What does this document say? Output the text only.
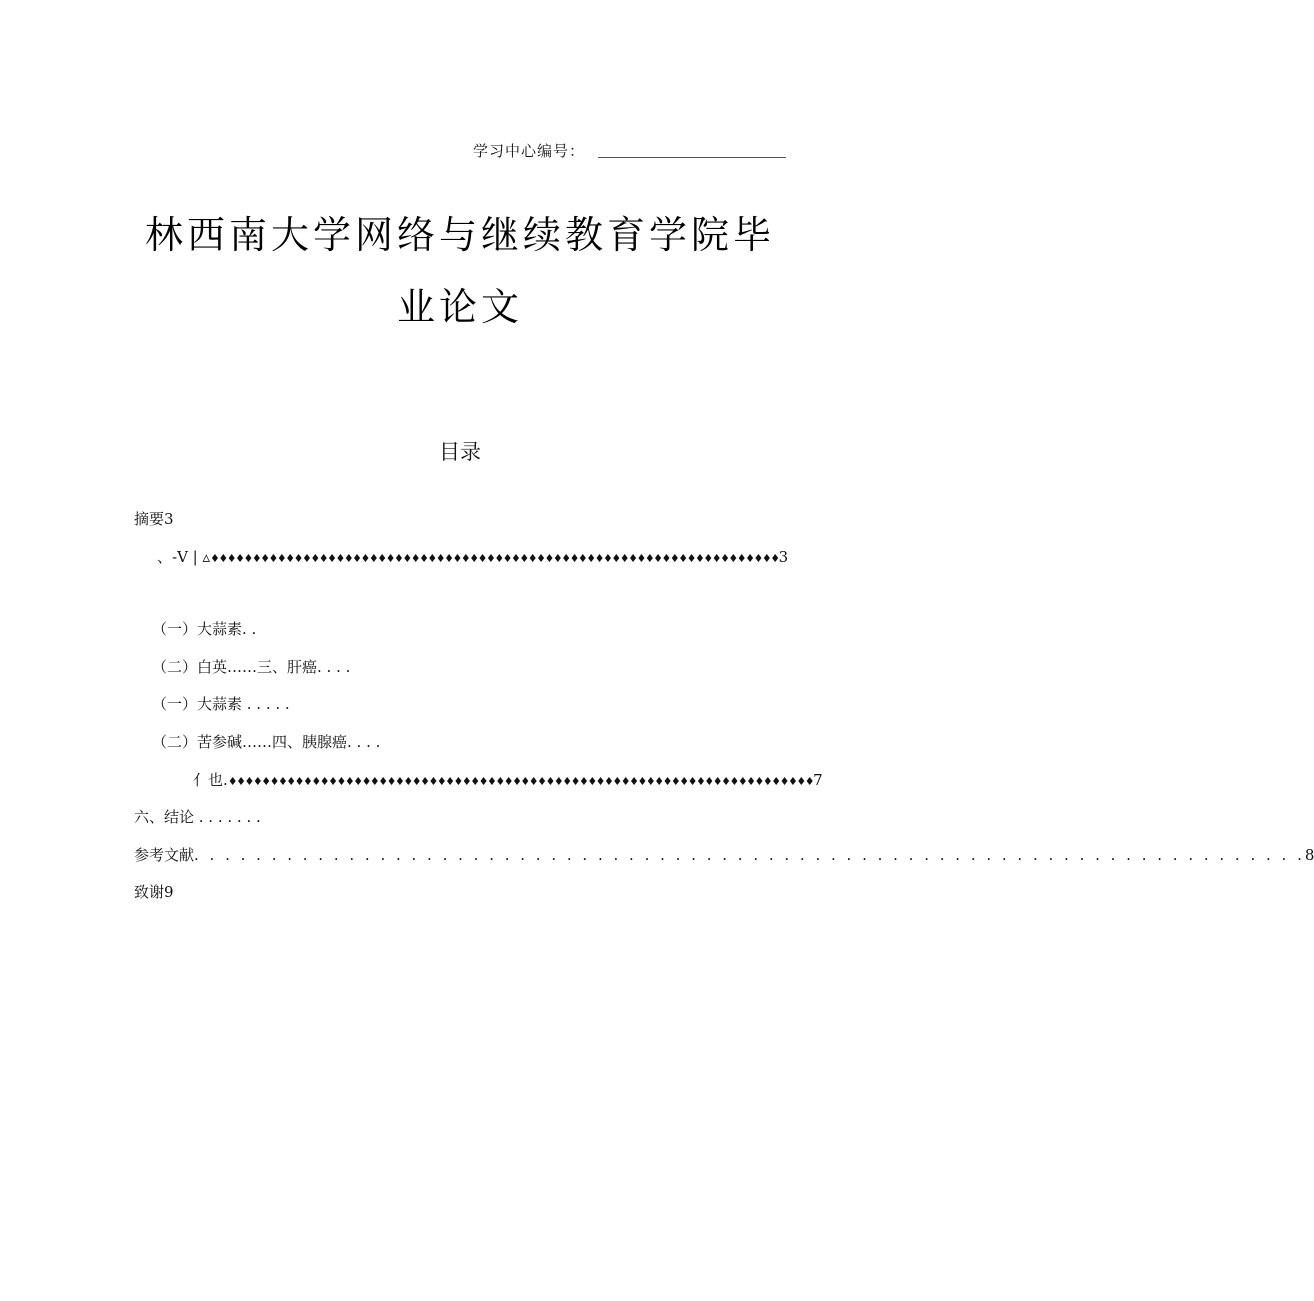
学习中心编号：
林西南大学网络与继续教育学院毕
业论文
目录
摘要3
、-V | ▵♦♦♦♦♦♦♦♦♦♦♦♦♦♦♦♦♦♦♦♦♦♦♦♦♦♦♦♦♦♦♦♦♦♦♦♦♦♦♦♦♦♦♦♦♦♦♦♦♦♦♦♦♦♦♦♦♦♦♦♦♦♦♦♦♦♦♦♦3
（一）大蒜素. .
（二）白英……三、肝癌. . . .
（一）大蒜素 . . . . .
（二）苦参碱……四、胰腺癌. . . .
亻也.♦♦♦♦♦♦♦♦♦♦♦♦♦♦♦♦♦♦♦♦♦♦♦♦♦♦♦♦♦♦♦♦♦♦♦♦♦♦♦♦♦♦♦♦♦♦♦♦♦♦♦♦♦♦♦♦♦♦♦♦♦♦♦♦♦♦♦♦♦♦7
六、结论 . . . . . . .
参考文献 . . . . . . . . . . . . . . . . . . . . . . . . . . . . . . . . . . . . . . . . . . . . . . . . . . . . . . . . . . . . . . . . . . . . . . . . 8
致谢9
